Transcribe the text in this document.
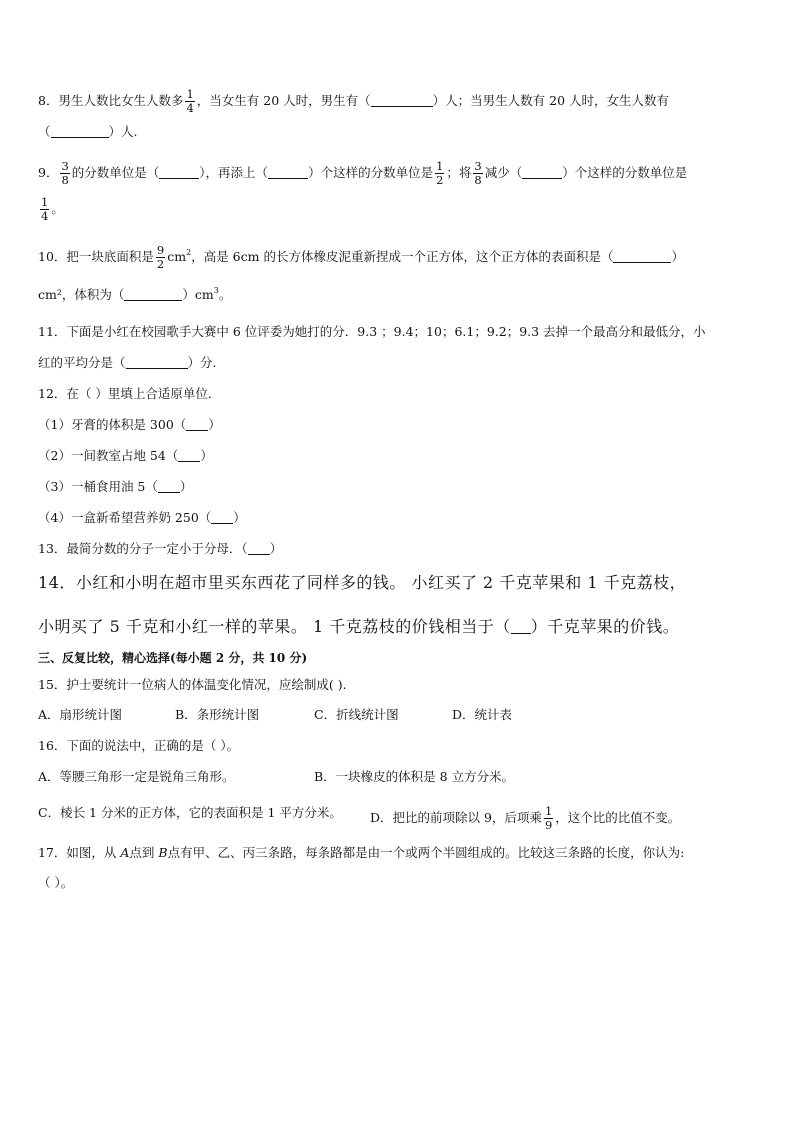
8．男生人数比女生人数多 $\frac{1}{4}$ ，当女生有 20 人时，男生有（	）人；当男生人数有 20 人时，女生人数有
（	）人.
9． $\frac{3}{8}$ 的分数单位是（	），再添上（	）个这样的分数单位是 $\frac{1}{2}$ ；将 $\frac{3}{8}$ 减少（	）个这样的分数单位是
$\frac{1}{4}$ 。
10．把一块底面积是 $\frac{9}{2} cm^2$，高是 6cm 的长方体橡皮泥重新捏成一个正方体，这个正方体的表面积是（	）
cm²，体积为（	）$cm^3$。
11．下面是小红在校园歌手大赛中 6 位评委为她打的分．9.3 ；9.4；10；6.1；9.2；9.3 去掉一个最高分和最低分，小
红的平均分是（	）分.
12．在（ ）里填上合适原单位．
（1）牙膏的体积是 300（ ）
（2）一间教室占地 54（ ）
（3）一桶食用油 5（ ）
（4）一盒新希望营养奶 250（ ）
13．最简分数的分子一定小于分母．（ ）
14．小红和小明在超市里买东西花了同样多的钱。 小红买了 2 千克苹果和 1 千克荔枝，
小明买了 5 千克和小红一样的苹果。 1 千克荔枝的价钱相当于（ ）千克苹果的价钱。
三、反复比较，精心选择(每小题 2 分，共 10 分)
15．护士要统计一位病人的体温变化情况，应绘制成( ).
A．扇形统计图	B．条形统计图	C．折线统计图	D．统计表
16．下面的说法中，正确的是（ ）。
A．等腰三角形一定是锐角三角形。	B．一块橡皮的体积是 8 立方分米。
C．棱长 1 分米的正方体，它的表面积是 1 平方分米。 D．把比的前项除以 9，后项乘 $\frac{1}{9}$ ，这个比的比值不变。
17．如图，从 A点到 B点有甲、乙、丙三条路，每条路都是由一个或两个半圆组成的。比较这三条路的长度，你认为:
（ ）。
